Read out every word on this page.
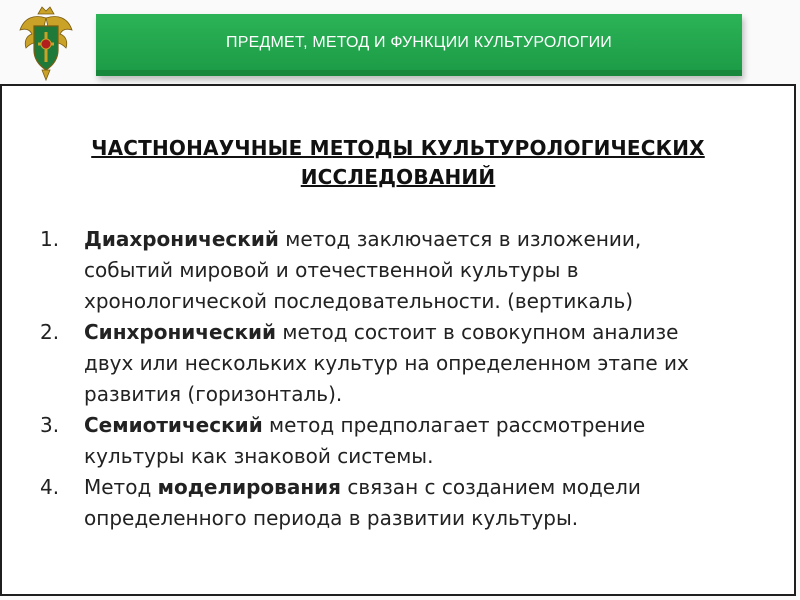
ПРЕДМЕТ, МЕТОД И ФУНКЦИИ КУЛЬТУРОЛОГИИ
ЧАСТНОНАУЧНЫЕ МЕТОДЫ КУЛЬТУРОЛОГИЧЕСКИХ
ИССЛЕДОВАНИЙ
1. Диахронический метод заключается в изложении,
событий мировой и отечественной культуры в
хронологической последовательности. (вертикаль)
2. Синхронический метод состоит в совокупном анализе
двух или нескольких культур на определенном этапе их
развития (горизонталь).
3. Семиотический метод предполагает рассмотрение
культуры как знаковой системы.
4. Метод моделирования связан с созданием модели
определенного периода в развитии культуры.
